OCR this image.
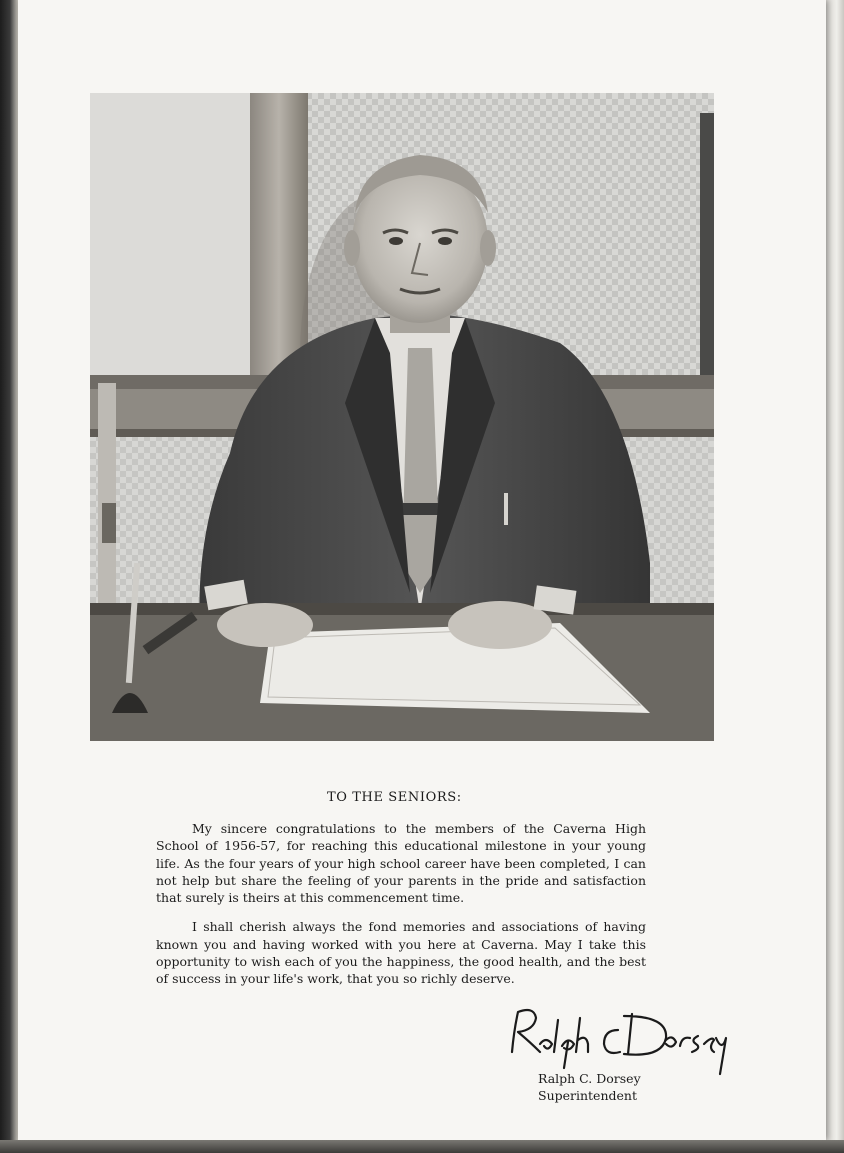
TO THE SENIORS:

My sincere congratulations to the members of the Caverna High School of 1956-57, for reaching this educational milestone in your young life. As the four years of your high school career have been completed, I can not help but share the feeling of your parents in the pride and satisfaction that surely is theirs at this commencement time.

I shall cherish always the fond memories and associations of having known you and having worked with you here at Caverna. May I take this opportunity to wish each of you the happiness, the good health, and the best of success in your life's work, that you so richly deserve.

Ralph C. Dorsey
Superintendent
